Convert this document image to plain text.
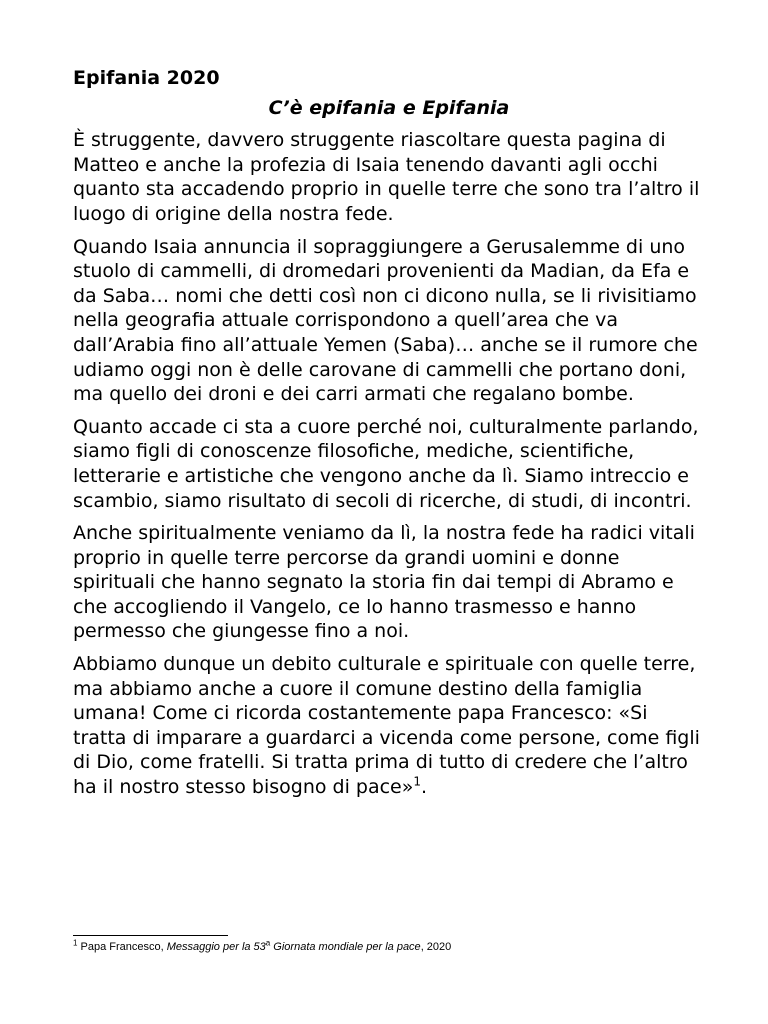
Epifania 2020
C’è epifania e Epifania

È struggente, davvero struggente riascoltare questa pagina di Matteo e anche la profezia di Isaia tenendo davanti agli occhi quanto sta accadendo proprio in quelle terre che sono tra l’altro il luogo di origine della nostra fede.

Quando Isaia annuncia il sopraggiungere a Gerusalemme di uno stuolo di cammelli, di dromedari provenienti da Madian, da Efa e da Saba… nomi che detti così non ci dicono nulla, se li rivisitiamo nella geografia attuale corrispondono a quell’area che va dall’Arabia fino all’attuale Yemen (Saba)… anche se il rumore che udiamo oggi non è delle carovane di cammelli che portano doni, ma quello dei droni e dei carri armati che regalano bombe.

Quanto accade ci sta a cuore perché noi, culturalmente parlando, siamo figli di conoscenze filosofiche, mediche, scientifiche, letterarie e artistiche che vengono anche da lì. Siamo intreccio e scambio, siamo risultato di secoli di ricerche, di studi, di incontri.

Anche spiritualmente veniamo da lì, la nostra fede ha radici vitali proprio in quelle terre percorse da grandi uomini e donne spirituali che hanno segnato la storia fin dai tempi di Abramo e che accogliendo il Vangelo, ce lo hanno trasmesso e hanno permesso che giungesse fino a noi.

Abbiamo dunque un debito culturale e spirituale con quelle terre, ma abbiamo anche a cuore il comune destino della famiglia umana! Come ci ricorda costantemente papa Francesco: «Si tratta di imparare a guardarci a vicenda come persone, come figli di Dio, come fratelli. Si tratta prima di tutto di credere che l’altro ha il nostro stesso bisogno di pace»$^1$.

$^1$ Papa Francesco, Messaggio per la 53$^a$ Giornata mondiale per la pace, 2020
